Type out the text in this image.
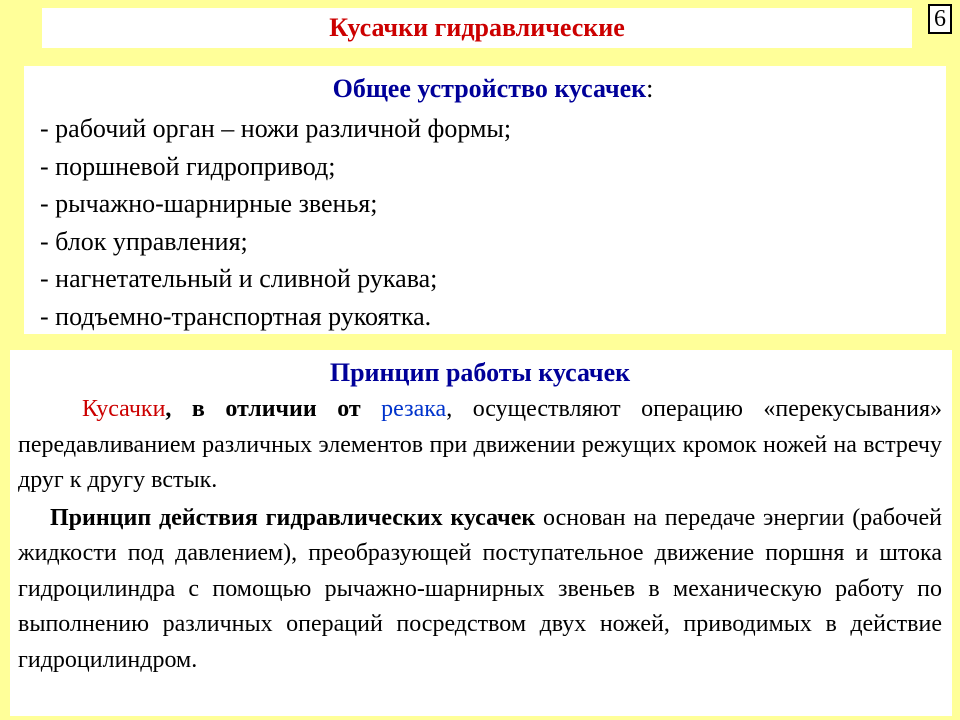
Кусачки гидравлические	6
Общее устройство кусачек:
- рабочий орган – ножи различной формы;
- поршневой гидропривод;
- рычажно-шарнирные звенья;
- блок управления;
- нагнетательный и сливной рукава;
- подъемно-транспортная рукоятка.
Принцип работы кусачек

Кусачки, в отличии от резака, осуществляют операцию «перекусывания» передавливанием различных элементов при движении режущих кромок ножей на встречу друг к другу встык.

Принцип действия гидравлических кусачек основан на передаче энергии (рабочей жидкости под давлением), преобразующей поступательное движение поршня и штока гидроцилиндра с помощью рычажно-шарнирных звеньев в механическую работу по выполнению различных операций посредством двух ножей, приводимых в действие гидроцилиндром.
